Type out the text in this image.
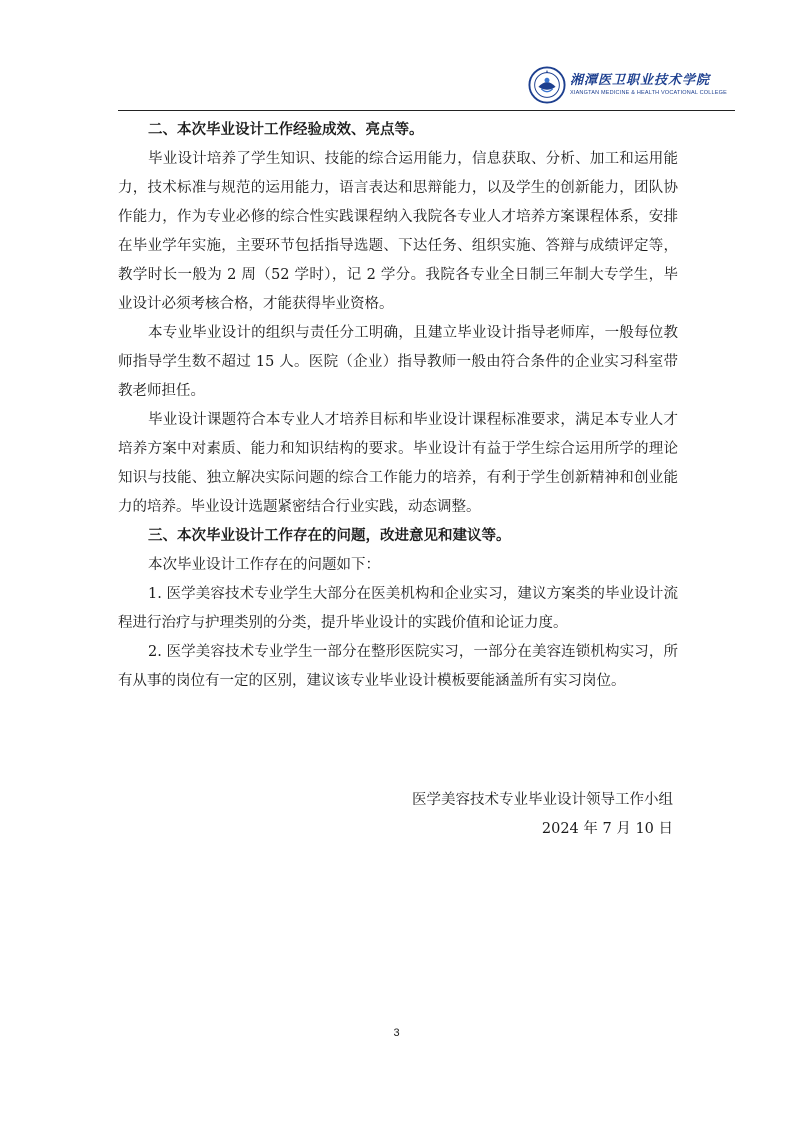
湘潭医卫职业技术学院
XIANGTAN MEDICINE & HEALTH VOCATIONAL COLLEGE
二、本次毕业设计工作经验成效、亮点等。

毕业设计培养了学生知识、技能的综合运用能力，信息获取、分析、加工和运用能力，技术标准与规范的运用能力，语言表达和思辩能力，以及学生的创新能力，团队协作能力，作为专业必修的综合性实践课程纳入我院各专业人才培养方案课程体系，安排在毕业学年实施，主要环节包括指导选题、下达任务、组织实施、答辩与成绩评定等，教学时长一般为 2 周（52 学时），记 2 学分。我院各专业全日制三年制大专学生，毕业设计必须考核合格，才能获得毕业资格。

本专业毕业设计的组织与责任分工明确，且建立毕业设计指导老师库，一般每位教师指导学生数不超过 15 人。医院（企业）指导教师一般由符合条件的企业实习科室带教老师担任。

毕业设计课题符合本专业人才培养目标和毕业设计课程标准要求，满足本专业人才培养方案中对素质、能力和知识结构的要求。毕业设计有益于学生综合运用所学的理论知识与技能、独立解决实际问题的综合工作能力的培养，有利于学生创新精神和创业能力的培养。毕业设计选题紧密结合行业实践，动态调整。

三、本次毕业设计工作存在的问题，改进意见和建议等。

本次毕业设计工作存在的问题如下：

1. 医学美容技术专业学生大部分在医美机构和企业实习，建议方案类的毕业设计流程进行治疗与护理类别的分类，提升毕业设计的实践价值和论证力度。

2. 医学美容技术专业学生一部分在整形医院实习，一部分在美容连锁机构实习，所有从事的岗位有一定的区别，建议该专业毕业设计模板要能涵盖所有实习岗位。

医学美容技术专业毕业设计领导工作小组
2024 年 7 月 10 日
3
